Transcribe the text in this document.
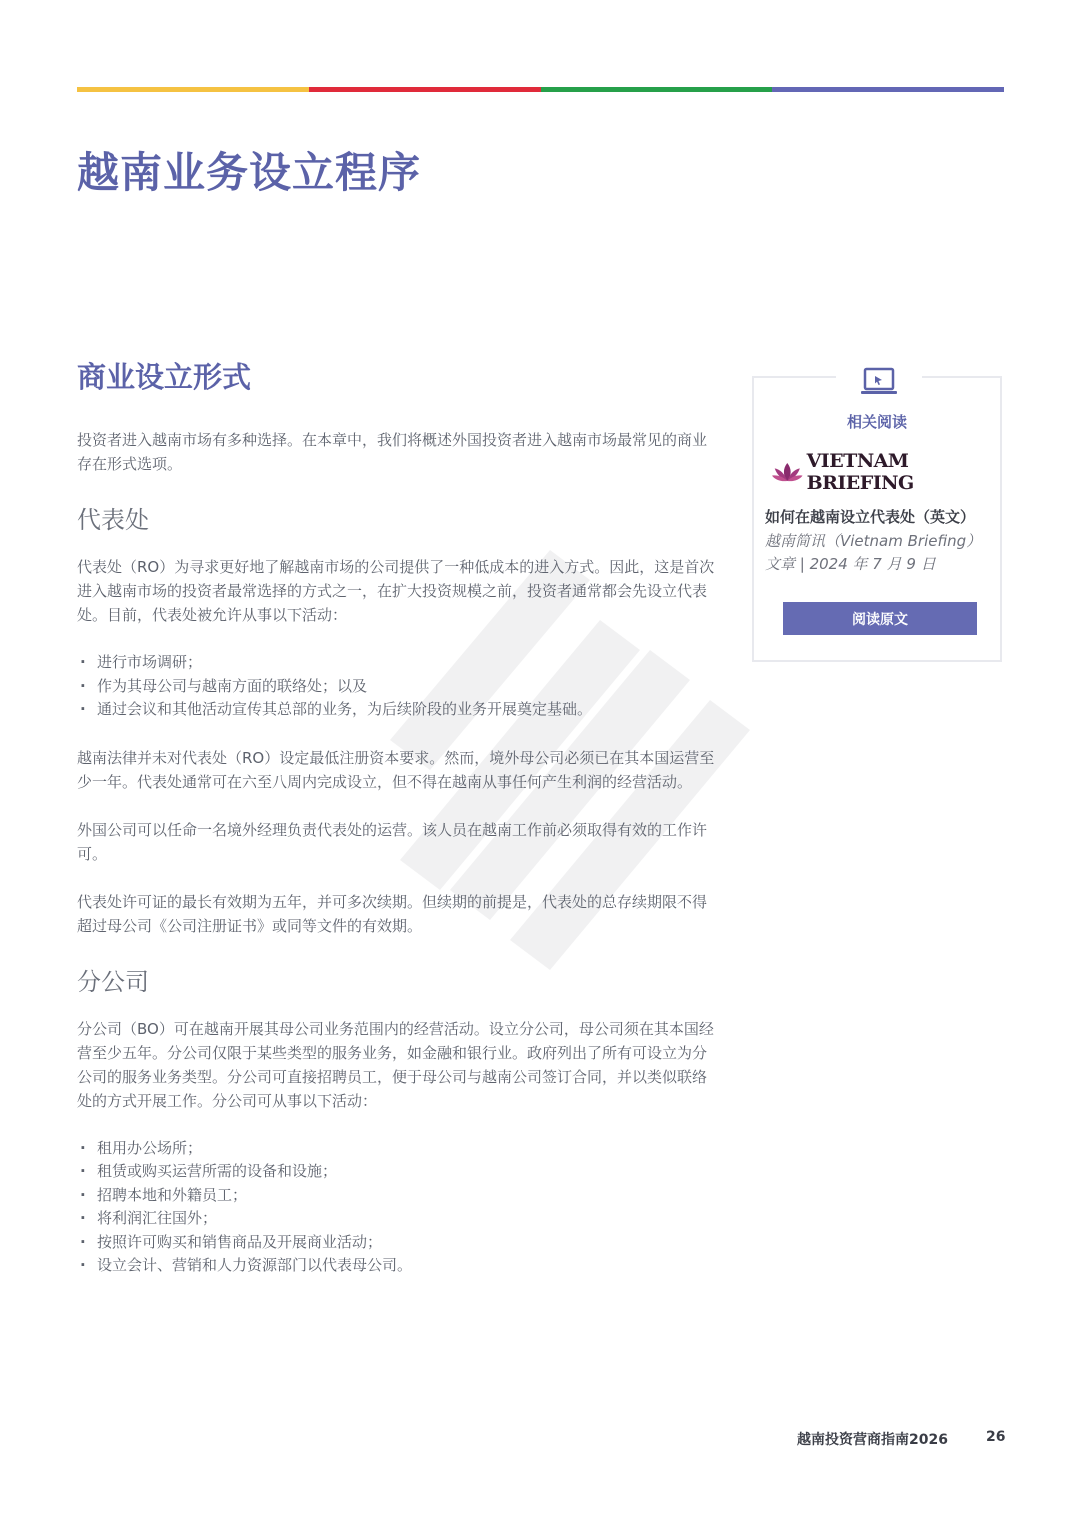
越南业务设立程序
商业设立形式

投资者进入越南市场有多种选择。在本章中，我们将概述外国投资者进入越南市场最常见的商业存在形式选项。

代表处

代表处（RO）为寻求更好地了解越南市场的公司提供了一种低成本的进入方式。因此，这是首次进入越南市场的投资者最常选择的方式之一，在扩大投资规模之前，投资者通常都会先设立代表处。目前，代表处被允许从事以下活动：

· 进行市场调研；
· 作为其母公司与越南方面的联络处；以及
· 通过会议和其他活动宣传其总部的业务，为后续阶段的业务开展奠定基础。

越南法律并未对代表处（RO）设定最低注册资本要求。然而，境外母公司必须已在其本国运营至少一年。代表处通常可在六至八周内完成设立，但不得在越南从事任何产生利润的经营活动。

外国公司可以任命一名境外经理负责代表处的运营。该人员在越南工作前必须取得有效的工作许可。

代表处许可证的最长有效期为五年，并可多次续期。但续期的前提是，代表处的总存续期限不得超过母公司《公司注册证书》或同等文件的有效期。

分公司

分公司（BO）可在越南开展其母公司业务范围内的经营活动。设立分公司，母公司须在其本国经营至少五年。分公司仅限于某些类型的服务业务，如金融和银行业。政府列出了所有可设立为分公司的服务业务类型。分公司可直接招聘员工，便于母公司与越南公司签订合同，并以类似联络处的方式开展工作。分公司可从事以下活动：

· 租用办公场所；
· 租赁或购买运营所需的设备和设施；
· 招聘本地和外籍员工；
· 将利润汇往国外；
· 按照许可购买和销售商品及开展商业活动；
· 设立会计、营销和人力资源部门以代表母公司。
相关阅读
VIETNAM BRIEFING
如何在越南设立代表处（英文）
越南简讯（Vietnam Briefing）
文章 | 2024 年 7 月 9 日
阅读原文
越南投资营商指南2026	26
